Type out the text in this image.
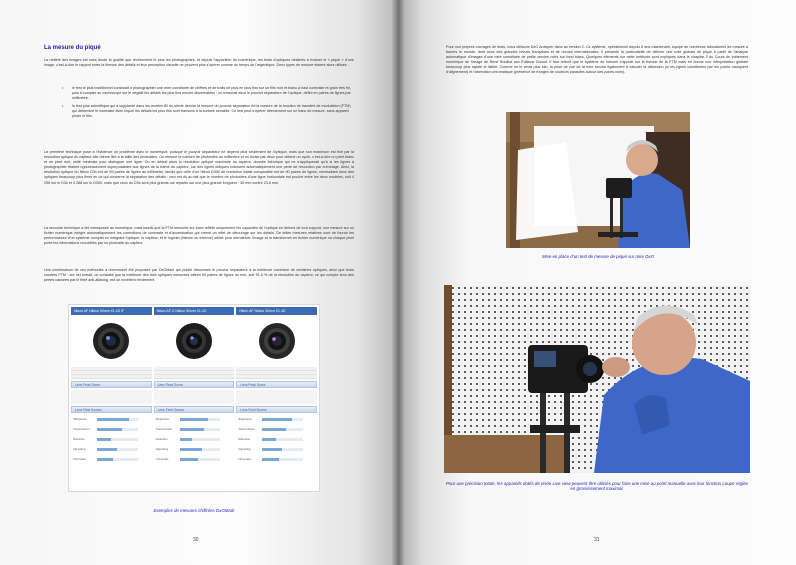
La mesure du piqué

La netteté des images est sans doute la qualité que recherchent le plus les photographes, et depuis l’apparition du numérique, les tests d’optiques destinés à évaluer le « piqué » d’une image, c’est-à-dire le rapport entre la finesse des détails et leur perception visuelle ne peuvent plus s’opérer comme du temps de l’argentique. Deux types de mesure étaient alors utilisés :

• le test le plus traditionnel consistait à photographier une mire constituée de chiffres et de traits de plus en plus fins sur un film noir et blanc à haut contraste et grain très fin, puis à compter au microscope sur le négatif les détails les plus fins encore discernables : on mesurait ainsi le pouvoir séparateur de l’optique, défini en paires de lignes par millimètre ;
• le test plus scientifique qui a supplanté dans les années 80 du siècle dernier la mesure du pouvoir séparateur fut la mesure de la fonction de transfert de modulation (FTM) qui détermine le contraste avec lequel les détails les plus fins sont transmis à la surface sensible. Ce test peut s’opérer directement sur un banc de mesure, sans appareil photo ni film.

La première technique pose à l’évidence un problème avec le numérique, puisque le pouvoir séparateur ne dépend plus seulement de l’optique, mais que son maximum est fixé par la résolution optique du capteur elle-même liée à la taille des photosites. On mesure le nombre de photosites au millimètre et on divise par deux pour obtenir un cycle, c’est-à-dire un pixel blanc et un pixel noir, unité minimale pour distinguer une ligne. On en déduit alors la résolution optique maximale du capteur, donnée théorique qui ne s’appliquerait qu’à si les lignes à photographier étaient rigoureusement superposables aux lignes de la trame du capteur, car des lignes obliques induisent automatiquement une perte de résolution par crénelage. Ainsi, la résolution optique du Nikon D3s est de 59 paires de lignes au millimètre, tandis que celle d’un Nikon D300 de résolution totale comparable est de 90 paires de lignes, nécessitant donc des optiques beaucoup plus fines en ce qui concerne la séparation des détails : ceci est dû au fait que le nombre de photosites d’une ligne horizontale est proche entre les deux modèles, soit 4 256 sur le D3s et 4 288 sur le D300, mais que ceux du D3s sont plus grands car répartis sur une plus grande longueur : 36 mm contre 23,6 mm.

La seconde technique a été transposée au numérique, mais tandis que la FTM mesurée sur banc reflète uniquement les capacités de l’optique en dehors de tout support, une mesure sur un fichier numérique intègre automatiquement les corrections de contraste et d’accentuation qui créent un effet de détourage sur les détails. De telles mesures relatives sont de fournir les performances d’un système complet en intégrant l’optique, le capteur, et le logiciel (interne ou externe) utilisé pour dématricer l’image et la transformer en fichier numérique où chaque pixel porte les informations recueillies par un photosite du capteur.

Une combinaison de ces méthodes a récemment été proposée par DxOMark qui publie désormais le pouvoir séparateur à la meilleure ouverture de certaines optiques, ainsi que leurs courbes FTM : sur cet extrait, on constate que la meilleure des trois optiques mesurées atteint 54 paires de lignes au mm, soit 91,5 % de la résolution du capteur, ce qui compte tenu des pertes causées par le filtre anti-aliasing, est un excellent rendement.

Nikon AF Nikkor 50mm f/1.4D IF
Lens Peak Score
Lens Field Scores
Sharpness
Transmission
Distortion
Vignetting
Chromatic
Nikon AF-S Nikkor 50mm f/1.4G
Lens Peak Score
Lens Field Scores
Sharpness
Transmission
Distortion
Vignetting
Chromatic
Nikon AF Nikkor 50mm f/1.4D
Lens Peak Score
Lens Field Scores
Sharpness
Transmission
Distortion
Vignetting
Chromatic
Exemples de mesures chiffrées DxOMark
30

Pour nos propres ouvrages de tests, nous utilisons DxO Analyzer dans sa version 2. Ce système, opérationnel depuis 6 ans maintenant, équipe de nombreux laboratoires de mesure à travers le monde, dont ceux des grandes revues françaises et de revues internationales. Il présente la particularité de délivrer une note globale de piqué à partir de l’analyse automatique d’images d’une mire constituée de petits cercles noirs sur fond blanc. Quelques éléments sur cette méthode sont expliqués dans le chapitre 2 du Cours de traitement numérique de l’image de René Bouillot aux Éditions Dunod. Il faut retenir que le système de mesure s’appuie sur la théorie de la FTM mais en donne une interprétation globale beaucoup plus rapide et lisible. Comme on le verra plus loin, la prise de vue de la mire servira également à calculer la distorsion (si les lignes constituées par les points manquent d’alignement) et l’aberration chromatique (présence de franges de couleurs parasites autour des points noirs).

Mise en place d’un test de mesure de piqué sur mire DxO
Pour une précision totale, les appareils dotés de visée Live view peuvent être utilisés pour faire une mise au point manuelle avec leur fonction Loupe réglée en grossissement maximal.
31
